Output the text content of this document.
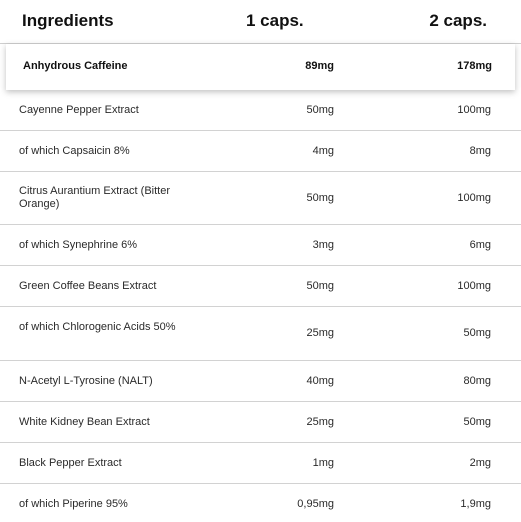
Ingredients	1 caps.	2 caps.
Anhydrous Caffeine	89mg	178mg
Cayenne Pepper Extract	50mg	100mg
of which Capsaicin 8%	4mg	8mg
Citrus Aurantium Extract (Bitter Orange)	50mg	100mg
of which Synephrine 6%	3mg	6mg
Green Coffee Beans Extract	50mg	100mg
of which Chlorogenic Acids 50%	25mg	50mg
N-Acetyl L-Tyrosine (NALT)	40mg	80mg
White Kidney Bean Extract	25mg	50mg
Black Pepper Extract	1mg	2mg
of which Piperine 95%	0,95mg	1,9mg
